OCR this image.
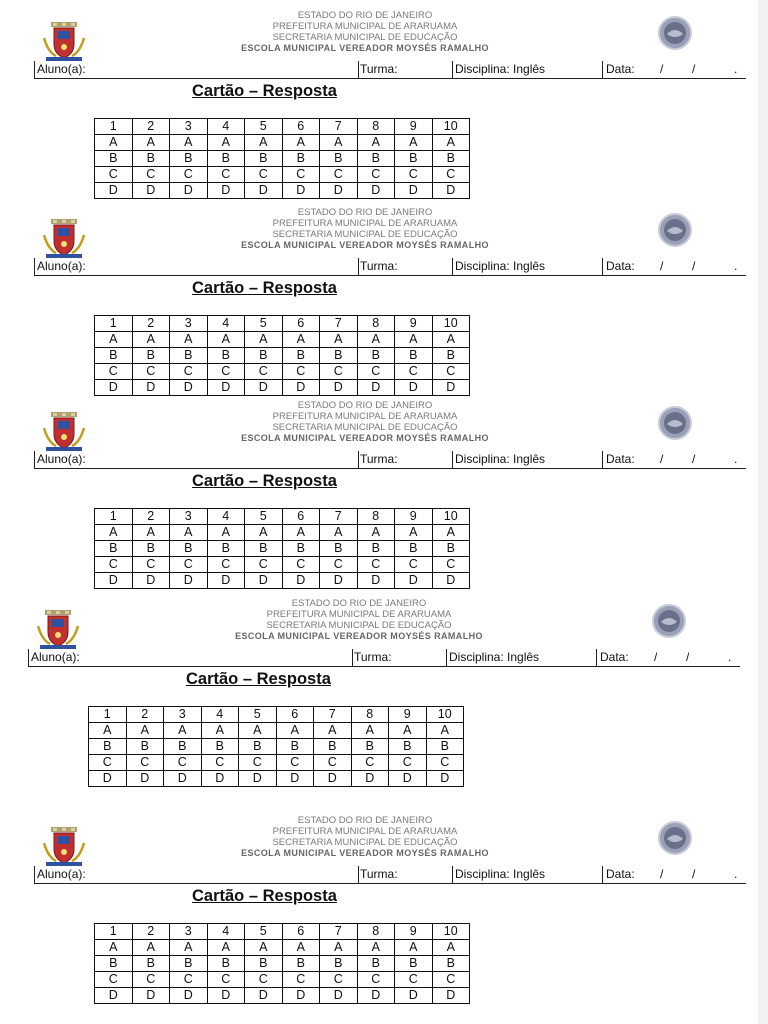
ESTADO DO RIO DE JANEIRO
PREFEITURA MUNICIPAL DE ARARUAMA
SECRETARIA MUNICIPAL DE EDUCAÇÃO
ESCOLA MUNICIPAL VEREADOR MOYSÉS RAMALHO
Aluno(a):	Turma:	Disciplina: Inglês	Data: / /	.
Cartão – Resposta
1	2	3	4	5	6	7	8	9	10
A	A	A	A	A	A	A	A	A	A
B	B	B	B	B	B	B	B	B	B
C	C	C	C	C	C	C	C	C	C
D	D	D	D	D	D	D	D	D	D
ESTADO DO RIO DE JANEIRO
PREFEITURA MUNICIPAL DE ARARUAMA
SECRETARIA MUNICIPAL DE EDUCAÇÃO
ESCOLA MUNICIPAL VEREADOR MOYSÉS RAMALHO
Aluno(a):	Turma:	Disciplina: Inglês	Data: / /	.
Cartão – Resposta
1	2	3	4	5	6	7	8	9	10
A	A	A	A	A	A	A	A	A	A
B	B	B	B	B	B	B	B	B	B
C	C	C	C	C	C	C	C	C	C
D	D	D	D	D	D	D	D	D	D
ESTADO DO RIO DE JANEIRO
PREFEITURA MUNICIPAL DE ARARUAMA
SECRETARIA MUNICIPAL DE EDUCAÇÃO
ESCOLA MUNICIPAL VEREADOR MOYSÉS RAMALHO
Aluno(a):	Turma:	Disciplina: Inglês	Data: / /	.
Cartão – Resposta
1	2	3	4	5	6	7	8	9	10
A	A	A	A	A	A	A	A	A	A
B	B	B	B	B	B	B	B	B	B
C	C	C	C	C	C	C	C	C	C
D	D	D	D	D	D	D	D	D	D
ESTADO DO RIO DE JANEIRO
PREFEITURA MUNICIPAL DE ARARUAMA
SECRETARIA MUNICIPAL DE EDUCAÇÃO
ESCOLA MUNICIPAL VEREADOR MOYSÉS RAMALHO
Aluno(a):	Turma:	Disciplina: Inglês	Data: / /	.
Cartão – Resposta
1	2	3	4	5	6	7	8	9	10
A	A	A	A	A	A	A	A	A	A
B	B	B	B	B	B	B	B	B	B
C	C	C	C	C	C	C	C	C	C
D	D	D	D	D	D	D	D	D	D
ESTADO DO RIO DE JANEIRO
PREFEITURA MUNICIPAL DE ARARUAMA
SECRETARIA MUNICIPAL DE EDUCAÇÃO
ESCOLA MUNICIPAL VEREADOR MOYSÉS RAMALHO
Aluno(a):	Turma:	Disciplina: Inglês	Data: / /	.
Cartão – Resposta
1	2	3	4	5	6	7	8	9	10
A	A	A	A	A	A	A	A	A	A
B	B	B	B	B	B	B	B	B	B
C	C	C	C	C	C	C	C	C	C
D	D	D	D	D	D	D	D	D	D
